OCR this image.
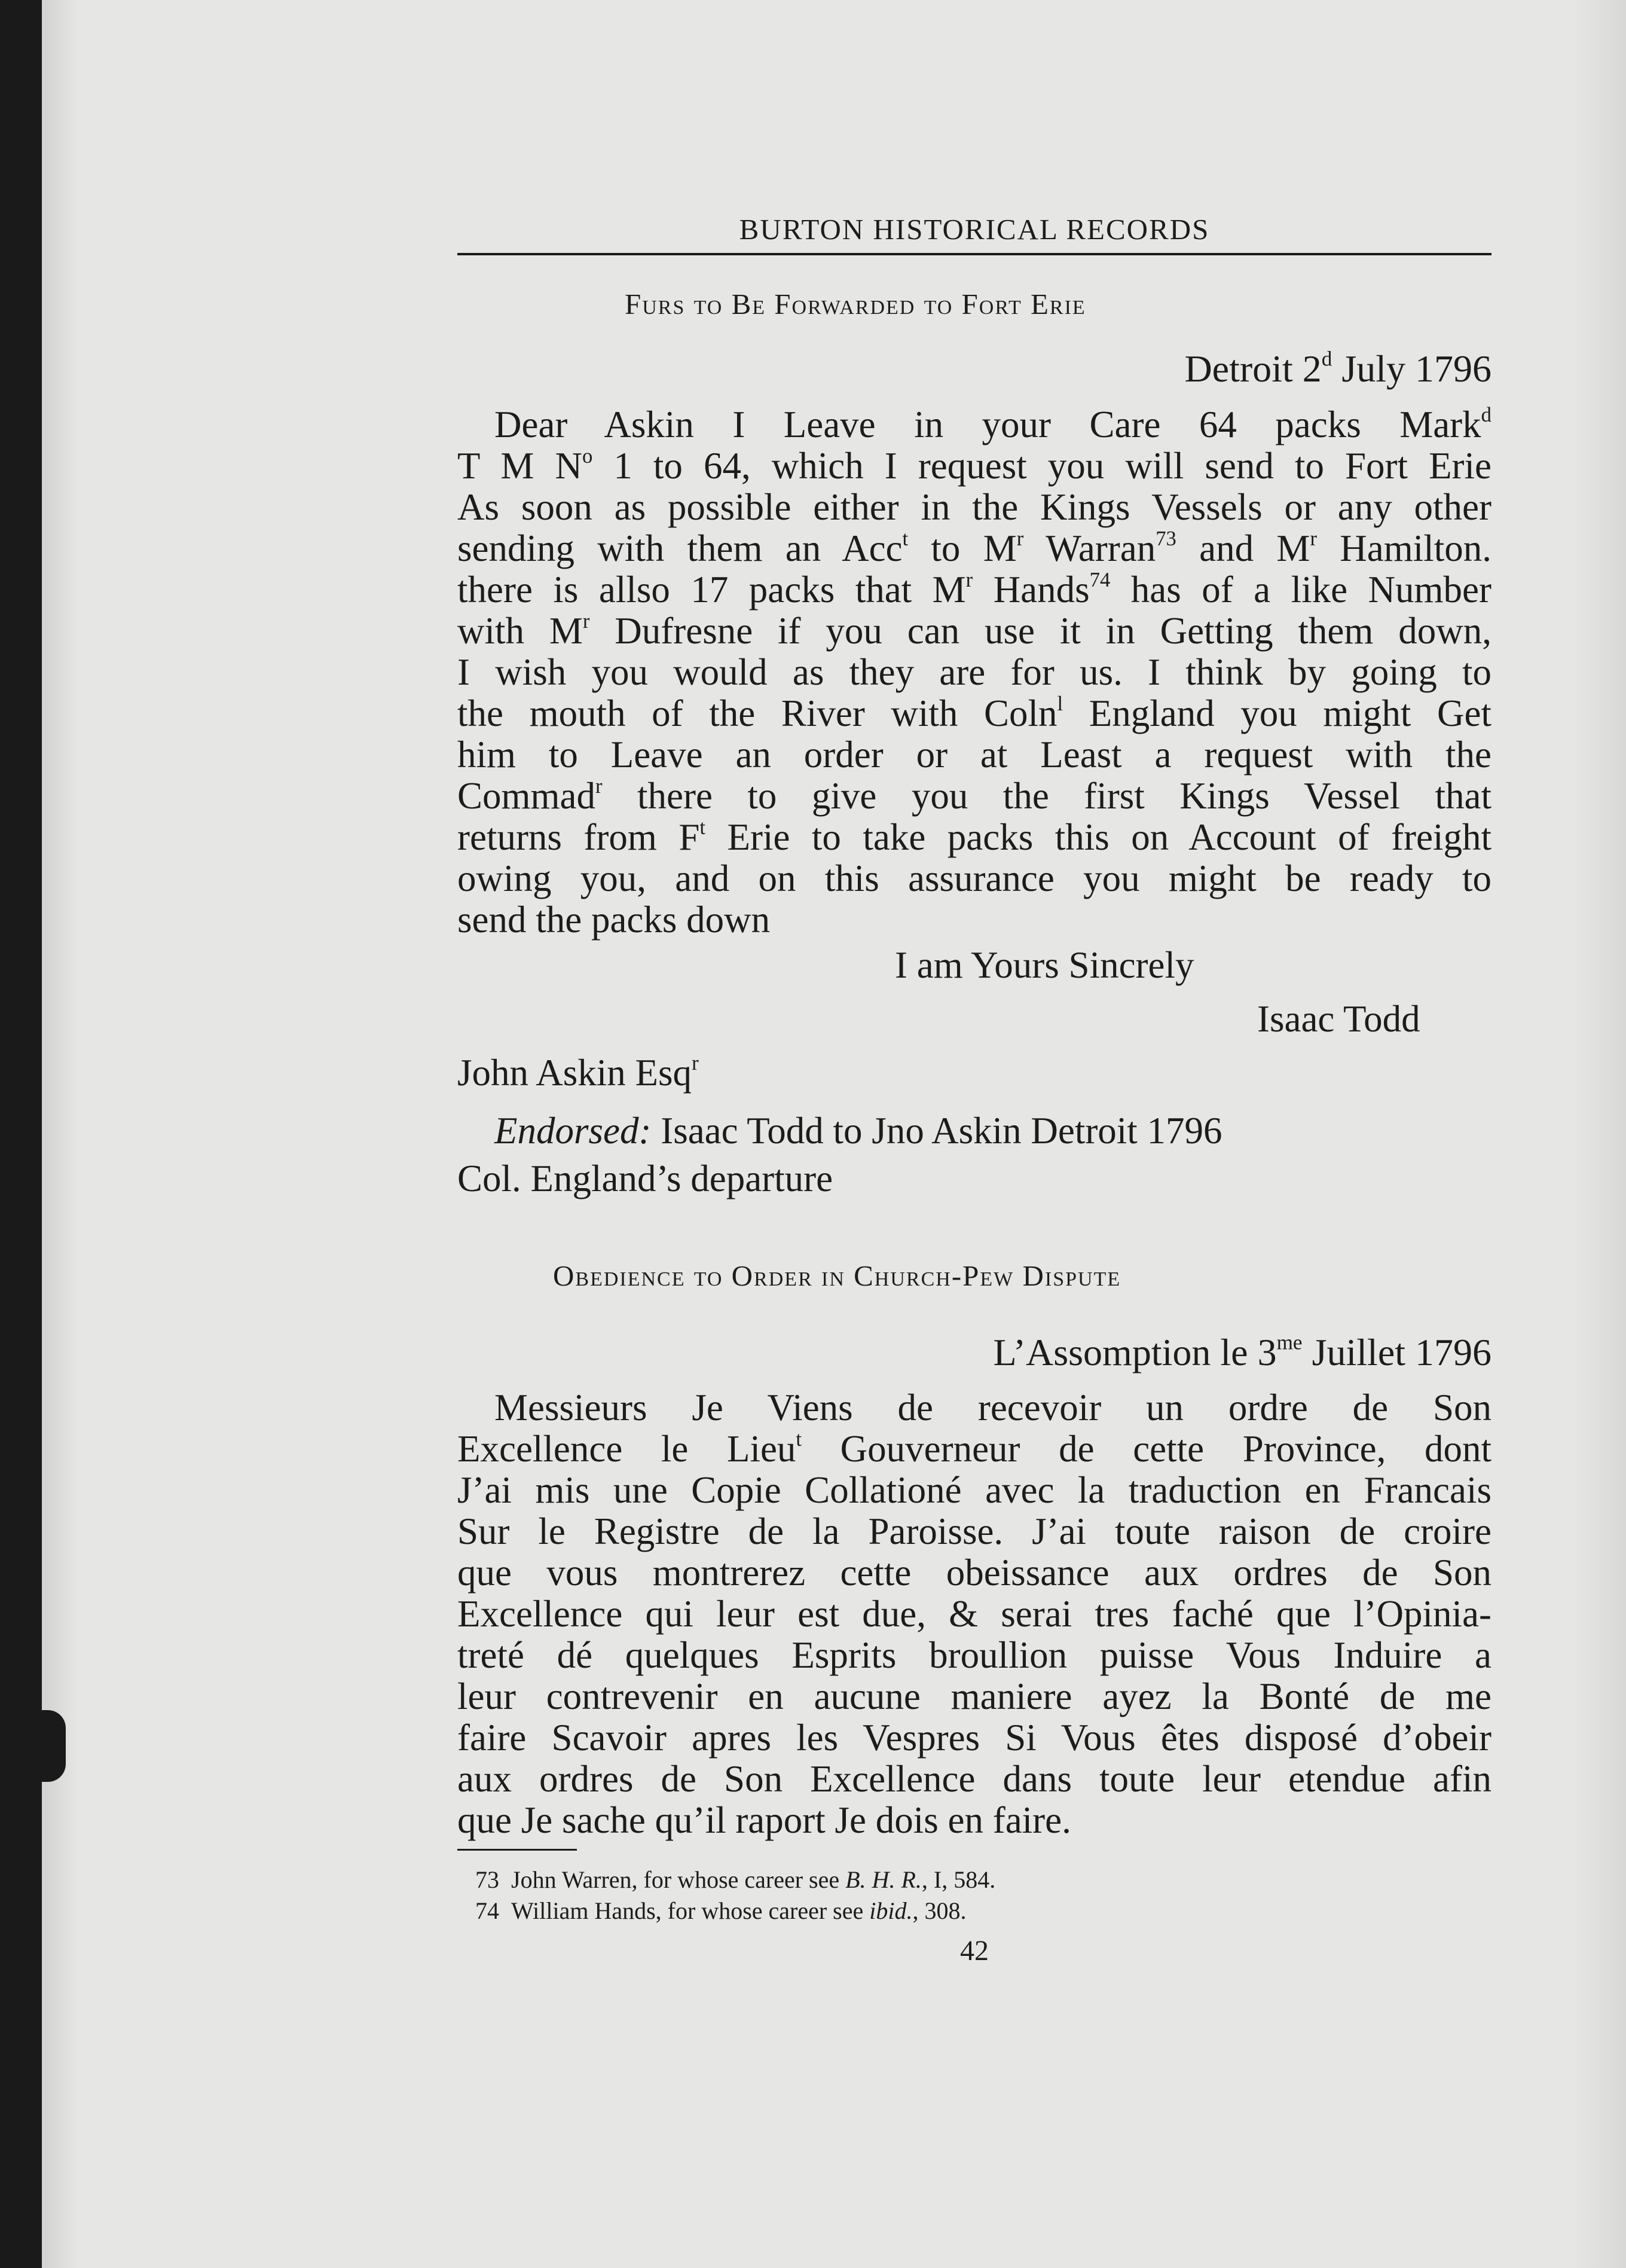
BURTON HISTORICAL RECORDS
Furs to Be Forwarded to Fort Erie
Detroit 2$^d$ July 1796
Dear Askin I Leave in your Care 64 packs Mark$^d$
T M $N^o$ 1 to 64, which I request you will send to Fort Erie
As soon as possible either in the Kings Vessels or any other
sending with them an Acc$^t$ to $M^r$ Warran$^{73}$ and $M^r$ Hamilton.
there is allso 17 packs that $M^r$ Hands$^{74}$ has of a like Number
with $M^r$ Dufresne if you can use it in Getting them down,
I wish you would as they are for us. I think by going to
the mouth of the River with Coln$^l$ England you might Get
him to Leave an order or at Least a request with the
Commad$^r$ there to give you the first Kings Vessel that
returns from $F^t$ Erie to take packs this on Account of freight
owing you, and on this assurance you might be ready to
send the packs down
I am Yours Sincrely
Isaac Todd
John Askin Esq$^r$
Endorsed: Isaac Todd to Jno Askin Detroit 1796
Col. England’s departure
Obedience to Order in Church-Pew Dispute
L’Assomption le $3^{me}$ Juillet 1796
Messieurs Je Viens de recevoir un ordre de Son
Excellence le Lieu$^t$ Gouverneur de cette Province, dont
J’ai mis une Copie Collationé avec la traduction en Francais
Sur le Registre de la Paroisse. J’ai toute raison de croire
que vous montrerez cette obeissance aux ordres de Son
Excellence qui leur est due, & serai tres faché que l’Opinia-
treté dé quelques Esprits broullion puisse Vous Induire a
leur contrevenir en aucune maniere ayez la Bonté de me
faire Scavoir apres les Vespres Si Vous êtes disposé d’obeir
aux ordres de Son Excellence dans toute leur etendue afin
que Je sache qu’il raport Je dois en faire.
73 John Warren, for whose career see B. H. R., I, 584.
74 William Hands, for whose career see ibid., 308.
42
